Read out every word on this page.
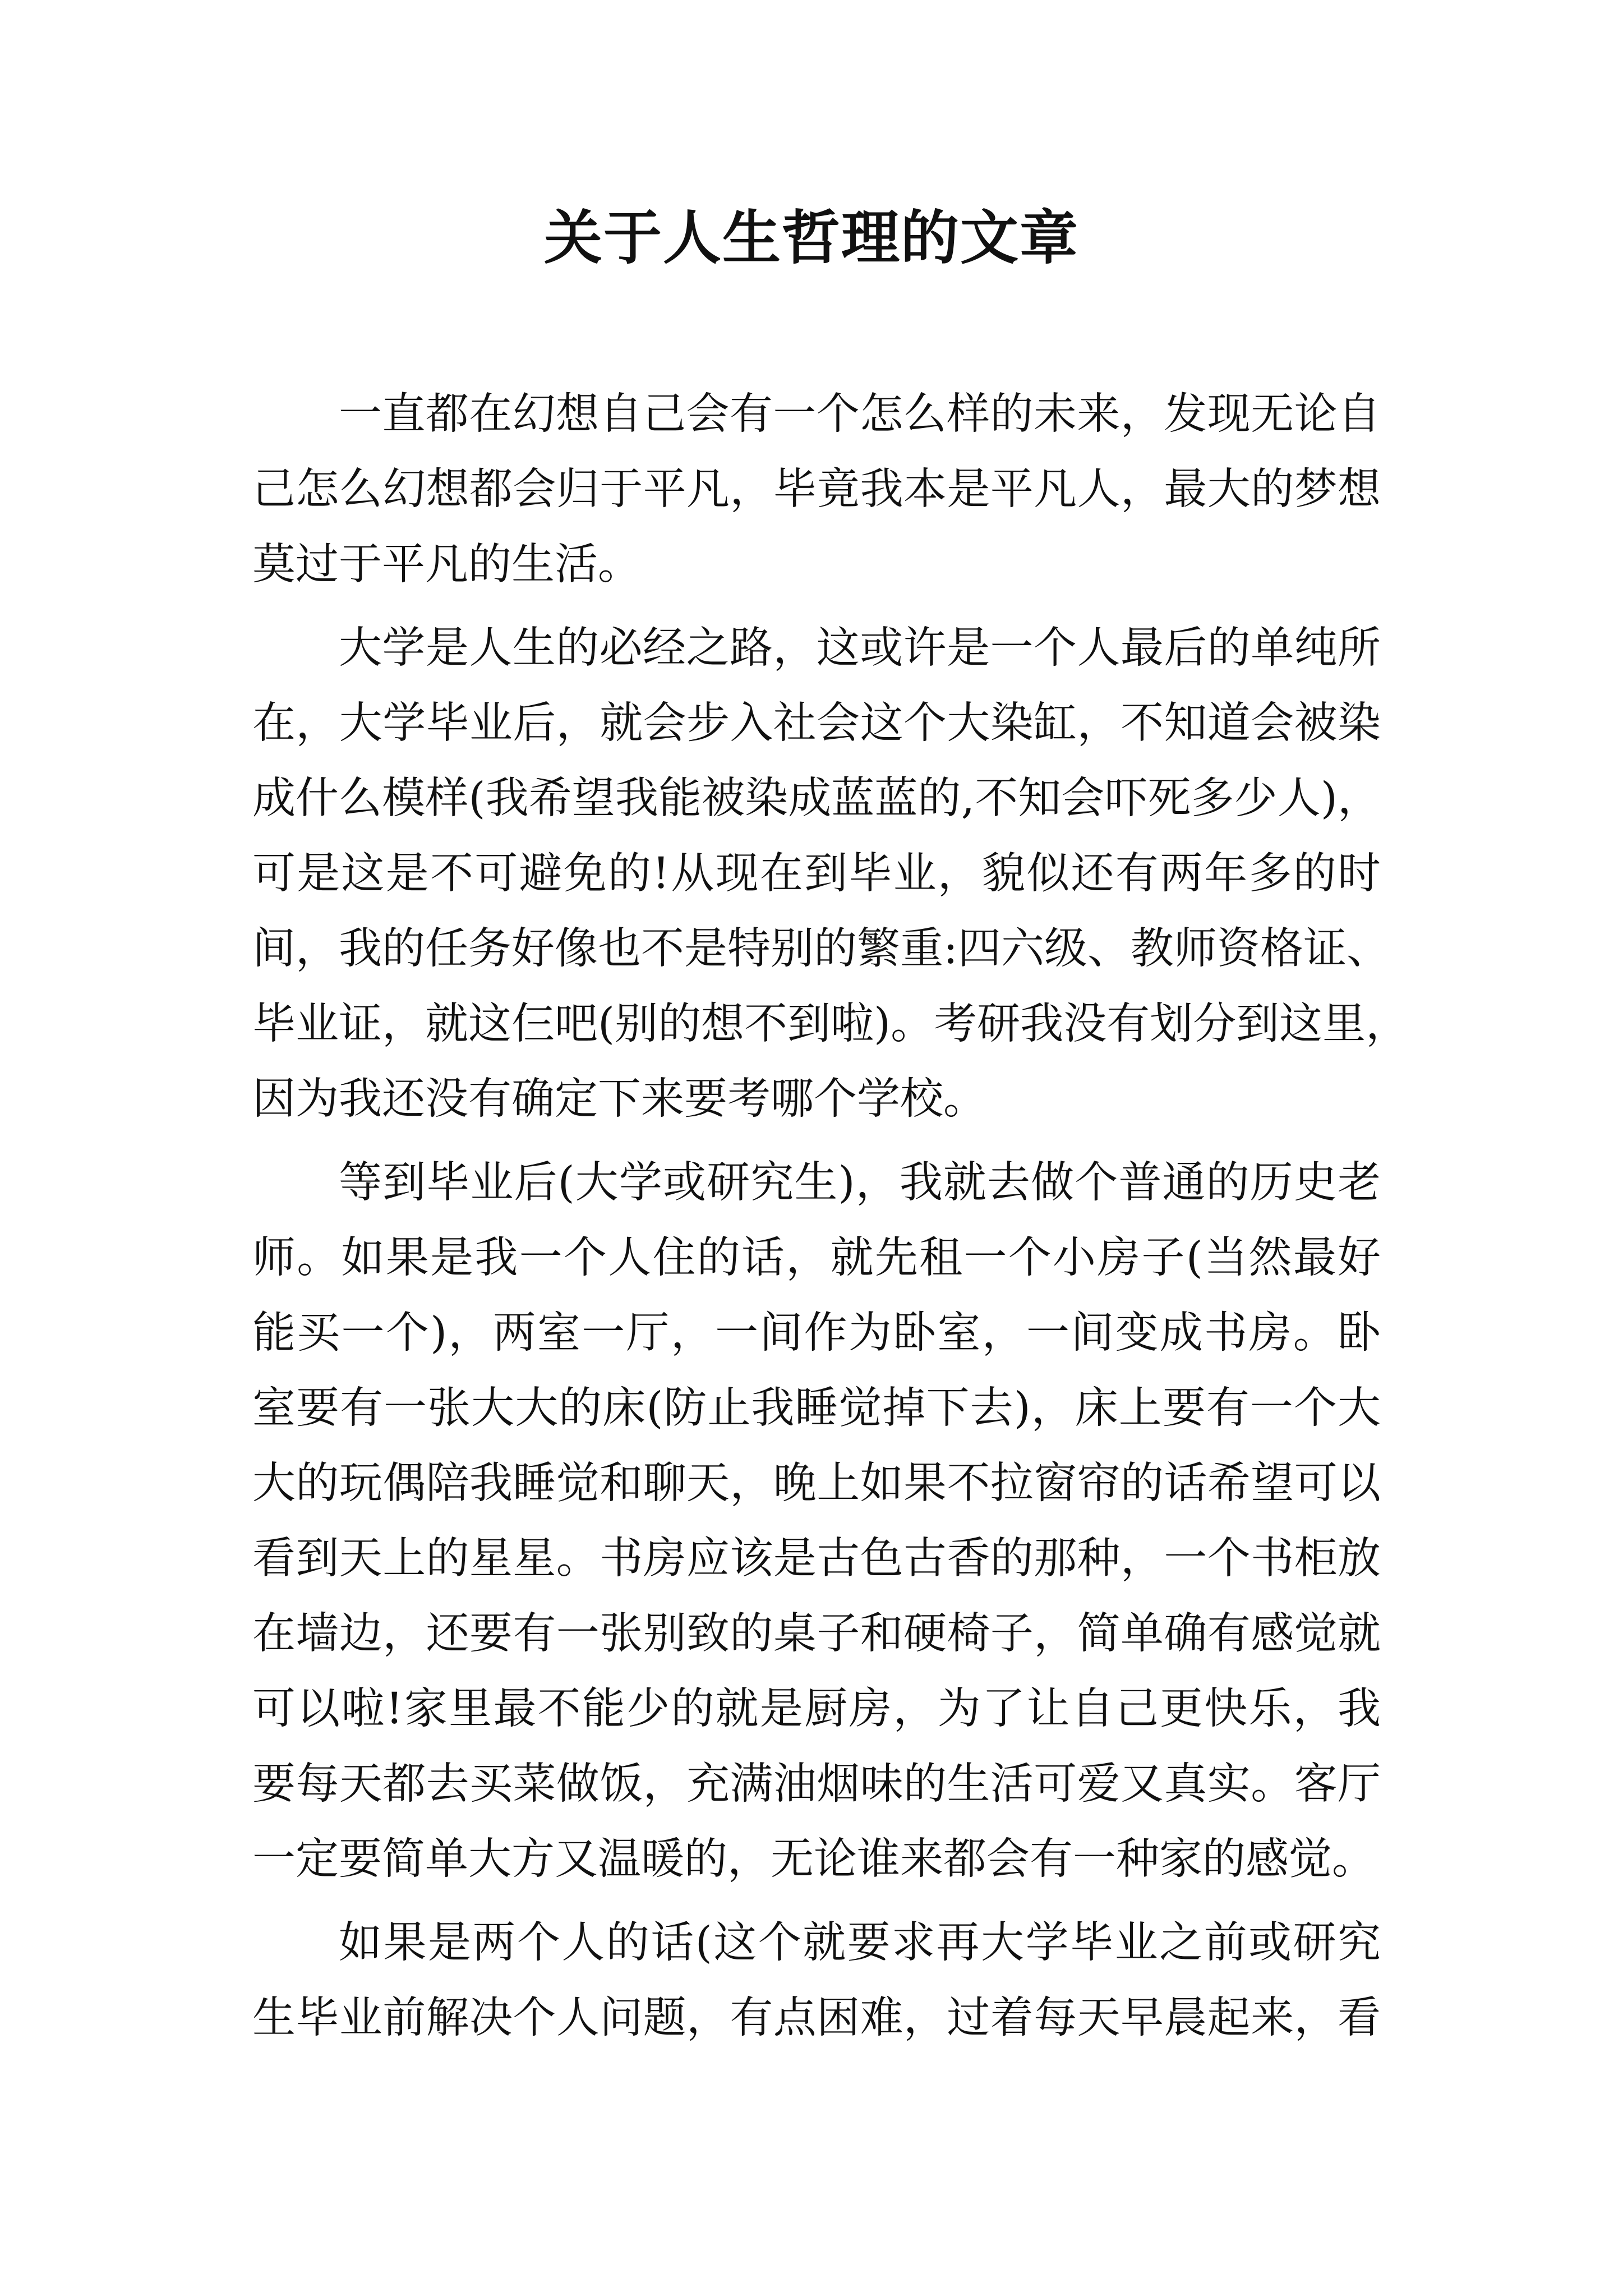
关于人生哲理的文章
一直都在幻想自己会有一个怎么样的未来，发现无论自
己怎么幻想都会归于平凡，毕竟我本是平凡人，最大的梦想
莫过于平凡的生活。
大学是人生的必经之路，这或许是一个人最后的单纯所
在，大学毕业后，就会步入社会这个大染缸，不知道会被染
成什么模样(我希望我能被染成蓝蓝的,不知会吓死多少人)，
可是这是不可避免的!从现在到毕业，貌似还有两年多的时
间，我的任务好像也不是特别的繁重:四六级、教师资格证、
毕业证，就这仨吧(别的想不到啦)。考研我没有划分到这里，
因为我还没有确定下来要考哪个学校。
等到毕业后(大学或研究生)，我就去做个普通的历史老
师。如果是我一个人住的话，就先租一个小房子(当然最好
能买一个)，两室一厅，一间作为卧室，一间变成书房。卧
室要有一张大大的床(防止我睡觉掉下去)，床上要有一个大
大的玩偶陪我睡觉和聊天，晚上如果不拉窗帘的话希望可以
看到天上的星星。书房应该是古色古香的那种，一个书柜放
在墙边，还要有一张别致的桌子和硬椅子，简单确有感觉就
可以啦!家里最不能少的就是厨房，为了让自己更快乐，我
要每天都去买菜做饭，充满油烟味的生活可爱又真实。客厅
一定要简单大方又温暖的，无论谁来都会有一种家的感觉。
如果是两个人的话(这个就要求再大学毕业之前或研究
生毕业前解决个人问题，有点困难，过着每天早晨起来，看
